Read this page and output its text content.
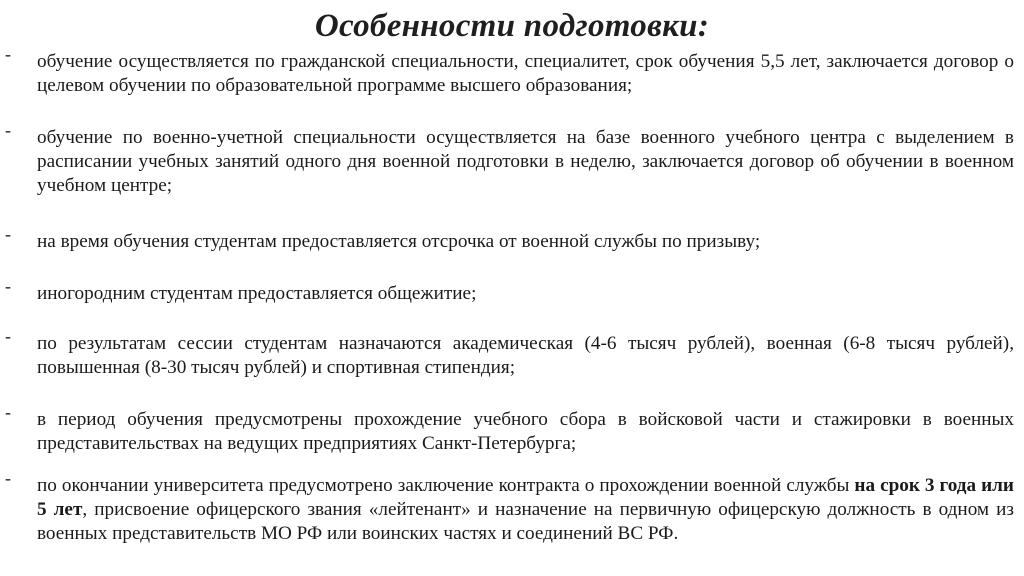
Особенности подготовки:
- обучение осуществляется по гражданской специальности, специалитет, срок обучения 5,5 лет, заключается договор о целевом обучении по образовательной программе высшего образования;

- обучение по военно-учетной специальности осуществляется на базе военного учебного центра с выделением в расписании учебных занятий одного дня военной подготовки в неделю, заключается договор об обучении в военном учебном центре;

- на время обучения студентам предоставляется отсрочка от военной службы по призыву;

- иногородним студентам предоставляется общежитие;

- по результатам сессии студентам назначаются академическая (4-6 тысяч рублей), военная (6-8 тысяч рублей), повышенная (8-30 тысяч рублей) и спортивная стипендия;

- в период обучения предусмотрены прохождение учебного сбора в войсковой части и стажировки в военных представительствах на ведущих предприятиях Санкт-Петербурга;

- по окончании университета предусмотрено заключение контракта о прохождении военной службы на срок 3 года или 5 лет, присвоение офицерского звания «лейтенант» и назначение на первичную офицерскую должность в одном из военных представительств МО РФ или воинских частях и соединений ВС РФ.
